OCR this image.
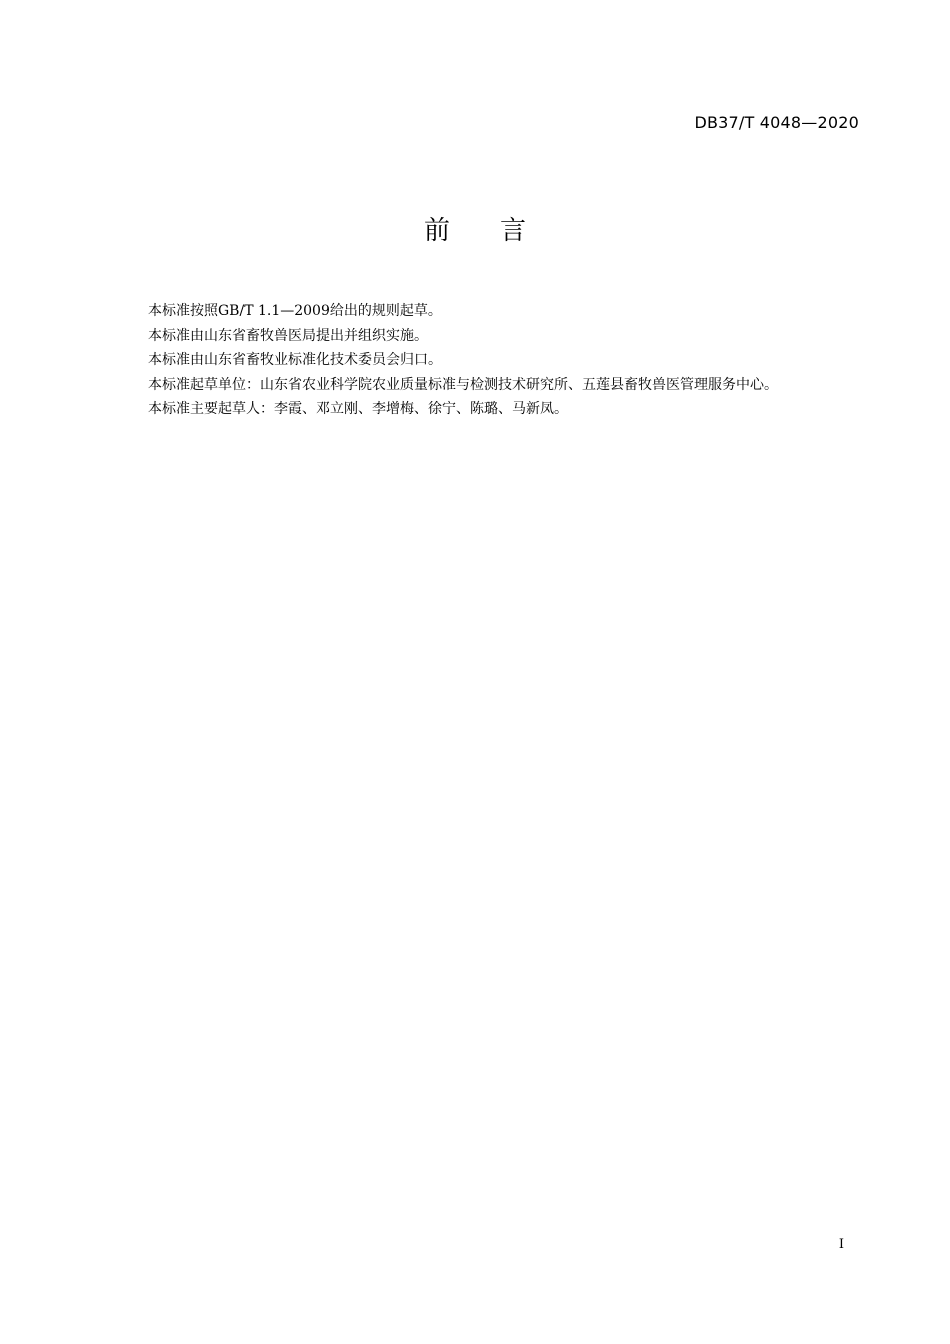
DB37/T 4048—2020
前言

本标准按照GB/T 1.1—2009给出的规则起草。

本标准由山东省畜牧兽医局提出并组织实施。

本标准由山东省畜牧业标准化技术委员会归口。

本标准起草单位：山东省农业科学院农业质量标准与检测技术研究所、五莲县畜牧兽医管理服务中心。

本标准主要起草人：李霞、邓立刚、李增梅、徐宁、陈璐、马新凤。

I
